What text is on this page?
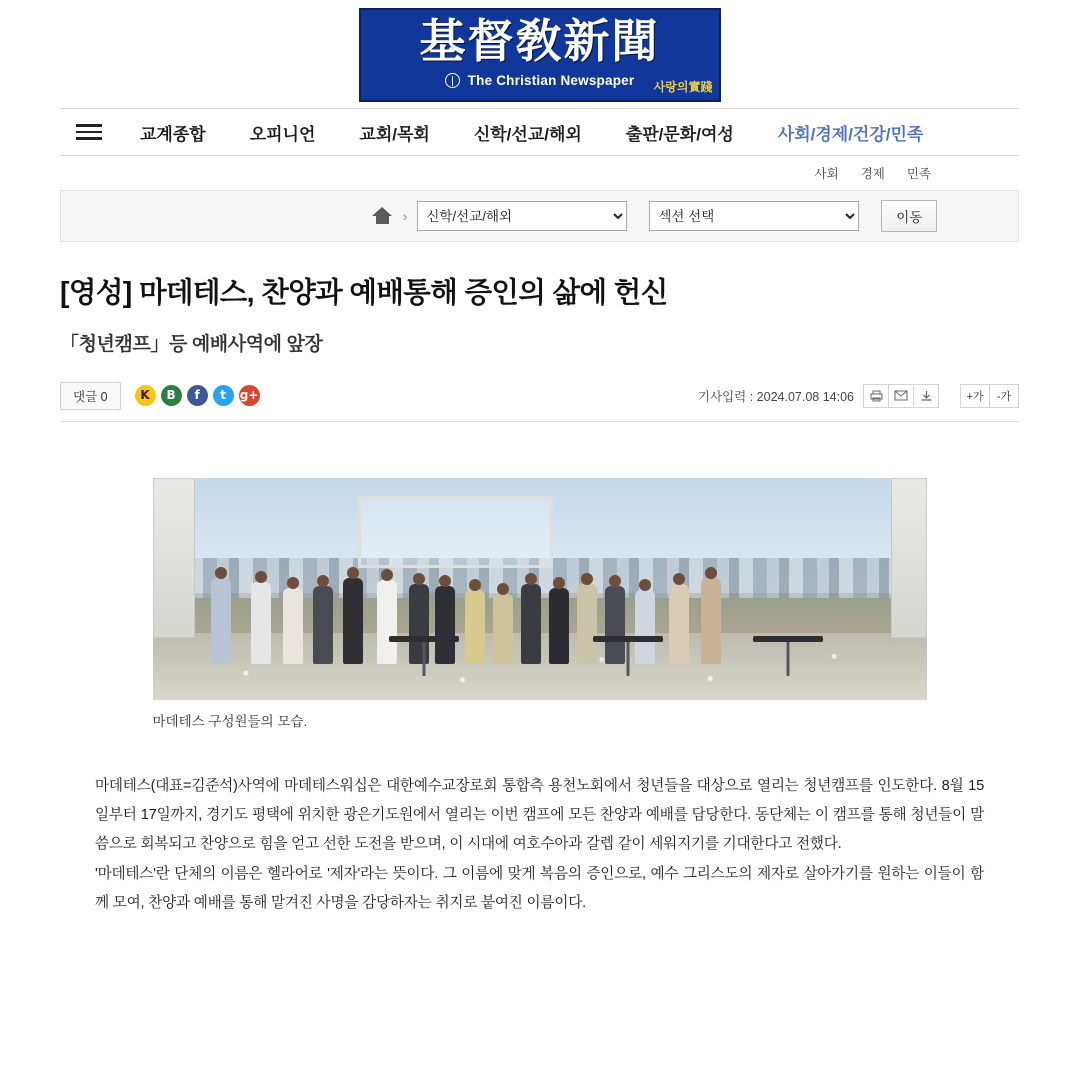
基督敎新聞
The Christian Newspaper 사랑의實踐
교계종합	오피니언	교회/목회	신학/선교/해외	출판/문화/여성	사회/경제/건강/민족
사회 경제 민족
›
신학/선교/해외
섹션 선택	이동
[영성] 마데테스, 찬양과 예배통해 증인의 삶에 헌신
「청년캠프」등 예배사역에 앞장
댓글 0	K	B	f	t	g+	기사입력 : 2024.07.08 14:06	+가	-가
마데테스 구성원들의 모습.

마데테스(대표=김준석)사역에 마데테스워십은 대한예수교장로회 통합측 용천노회에서 청년들을 대상으로 열리는 청년캠프를 인도한다. 8월 15일부터 17일까지, 경기도 평택에 위치한 광은기도원에서 열리는 이번 캠프에 모든 찬양과 예배를 담당한다. 동단체는 이 캠프를 통해 청년들이 말씀으로 회복되고 찬양으로 힘을 얻고 선한 도전을 받으며, 이 시대에 여호수아과 갈렙 같이 세워지기를 기대한다고 전했다.

'마데테스'란 단체의 이름은 헬라어로 '제자'라는 뜻이다. 그 이름에 맞게 복음의 증인으로, 예수 그리스도의 제자로 살아가기를 원하는 이들이 함께 모여, 찬양과 예배를 통해 맡겨진 사명을 감당하자는 취지로 붙여진 이름이다.
